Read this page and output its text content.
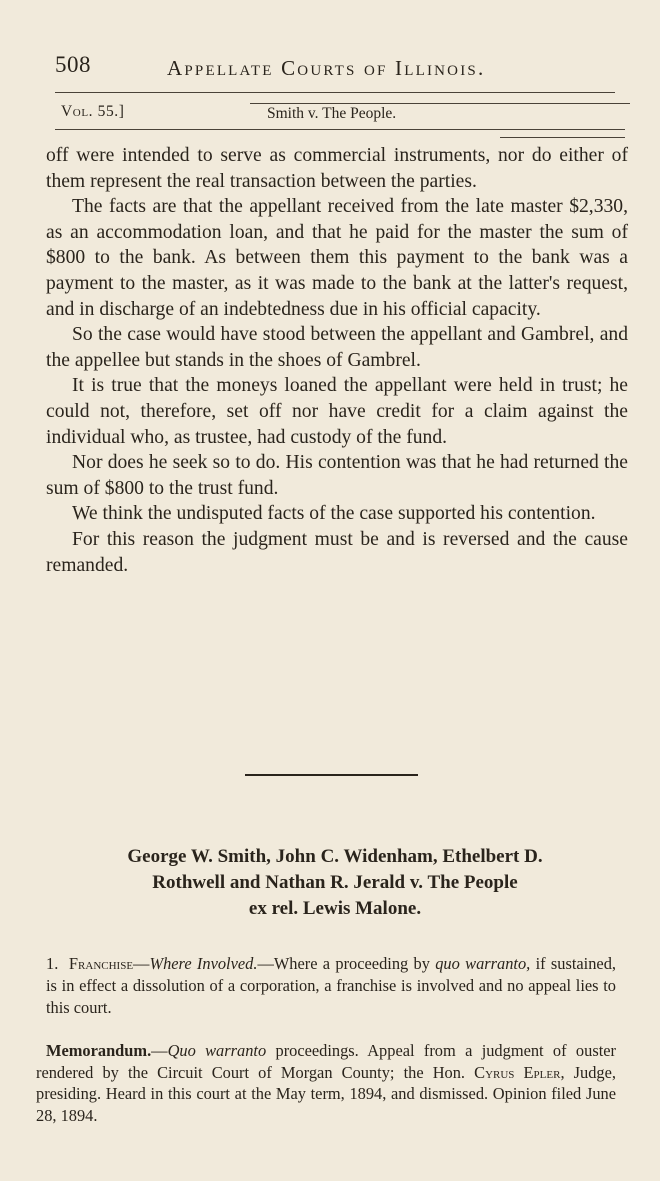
508	Appellate Courts of Illinois.
Vol. 55.]	Smith v. The People.

off were intended to serve as commercial instruments, nor do either of them represent the real transaction between the parties.

The facts are that the appellant received from the late master $2,330, as an accommodation loan, and that he paid for the master the sum of $800 to the bank. As between them this payment to the bank was a payment to the master, as it was made to the bank at the latter's request, and in discharge of an indebtedness due in his official capacity.

So the case would have stood between the appellant and Gambrel, and the appellee but stands in the shoes of Gambrel.

It is true that the moneys loaned the appellant were held in trust; he could not, therefore, set off nor have credit for a claim against the individual who, as trustee, had custody of the fund.

Nor does he seek so to do. His contention was that he had returned the sum of $800 to the trust fund.

We think the undisputed facts of the case supported his contention.

For this reason the judgment must be and is reversed and the cause remanded.

George W. Smith, John C. Widenham, Ethelbert D.
Rothwell and Nathan R. Jerald v. The People
ex rel. Lewis Malone.
1. Franchise—Where Involved.—Where a proceeding by quo warranto, if sustained, is in effect a dissolution of a corporation, a franchise is involved and no appeal lies to this court.
Memorandum.—Quo warranto proceedings. Appeal from a judgment of ouster rendered by the Circuit Court of Morgan County; the Hon. Cyrus Epler, Judge, presiding. Heard in this court at the May term, 1894, and dismissed. Opinion filed June 28, 1894.
